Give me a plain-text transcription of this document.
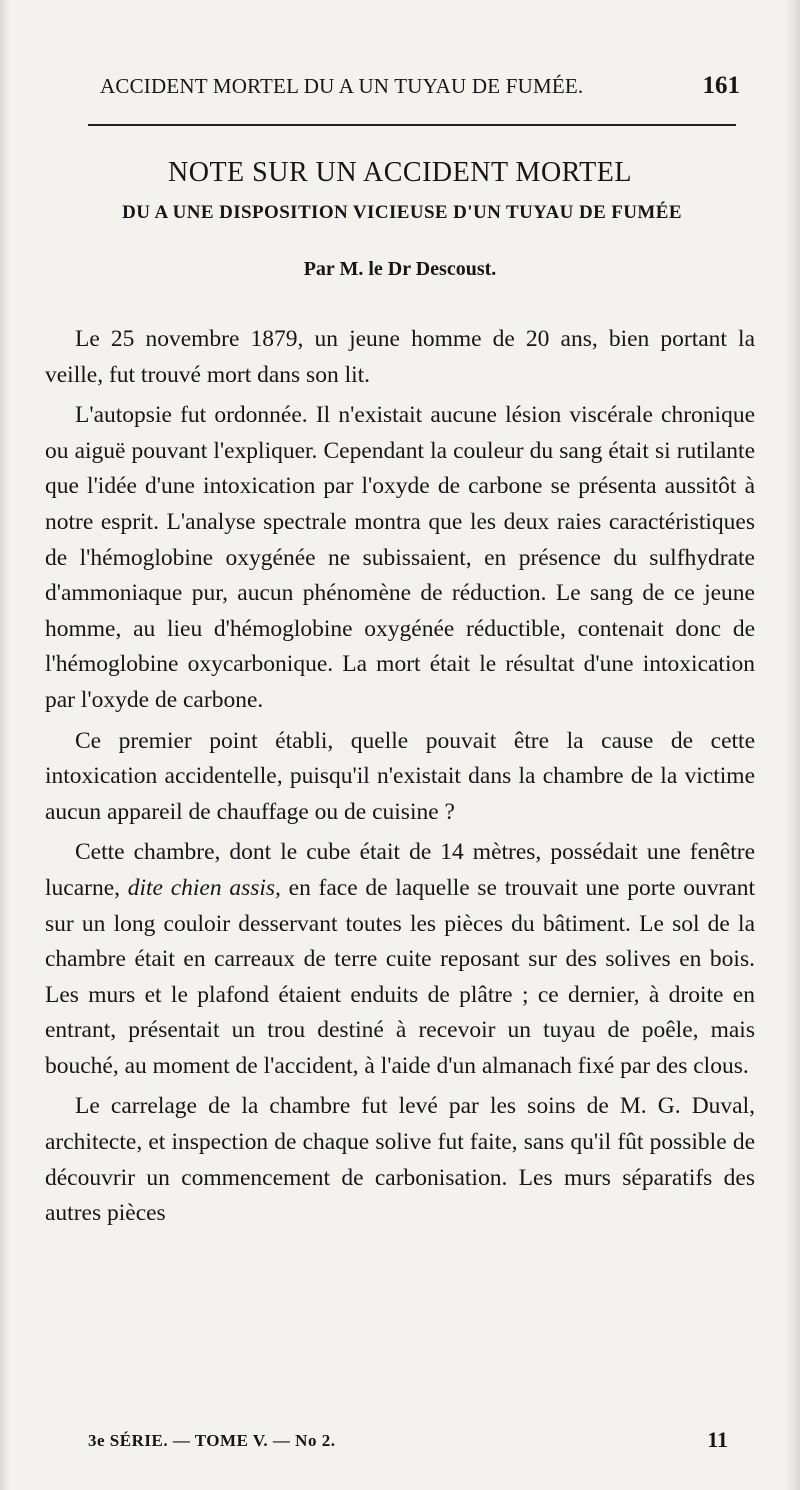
ACCIDENT MORTEL DU A UN TUYAU DE FUMÉE.	161
NOTE SUR UN ACCIDENT MORTEL
DU A UNE DISPOSITION VICIEUSE D'UN TUYAU DE FUMÉE
Par M. le Dr Descoust.

Le 25 novembre 1879, un jeune homme de 20 ans, bien portant la veille, fut trouvé mort dans son lit.

L'autopsie fut ordonnée. Il n'existait aucune lésion viscérale chronique ou aiguë pouvant l'expliquer. Cependant la couleur du sang était si rutilante que l'idée d'une intoxication par l'oxyde de carbone se présenta aussitôt à notre esprit. L'analyse spectrale montra que les deux raies caractéristiques de l'hémoglobine oxygénée ne subissaient, en présence du sulfhydrate d'ammoniaque pur, aucun phénomène de réduction. Le sang de ce jeune homme, au lieu d'hémoglobine oxygénée réductible, contenait donc de l'hémoglobine oxycarbonique. La mort était le résultat d'une intoxication par l'oxyde de carbone.

Ce premier point établi, quelle pouvait être la cause de cette intoxication accidentelle, puisqu'il n'existait dans la chambre de la victime aucun appareil de chauffage ou de cuisine ?

Cette chambre, dont le cube était de 14 mètres, possédait une fenêtre lucarne, dite chien assis, en face de laquelle se trouvait une porte ouvrant sur un long couloir desservant toutes les pièces du bâtiment. Le sol de la chambre était en carreaux de terre cuite reposant sur des solives en bois. Les murs et le plafond étaient enduits de plâtre ; ce dernier, à droite en entrant, présentait un trou destiné à recevoir un tuyau de poêle, mais bouché, au moment de l'accident, à l'aide d'un almanach fixé par des clous.

Le carrelage de la chambre fut levé par les soins de M. G. Duval, architecte, et inspection de chaque solive fut faite, sans qu'il fût possible de découvrir un commencement de carbonisation. Les murs séparatifs des autres pièces

3e SÉRIE. — TOME V. — No 2.	11
